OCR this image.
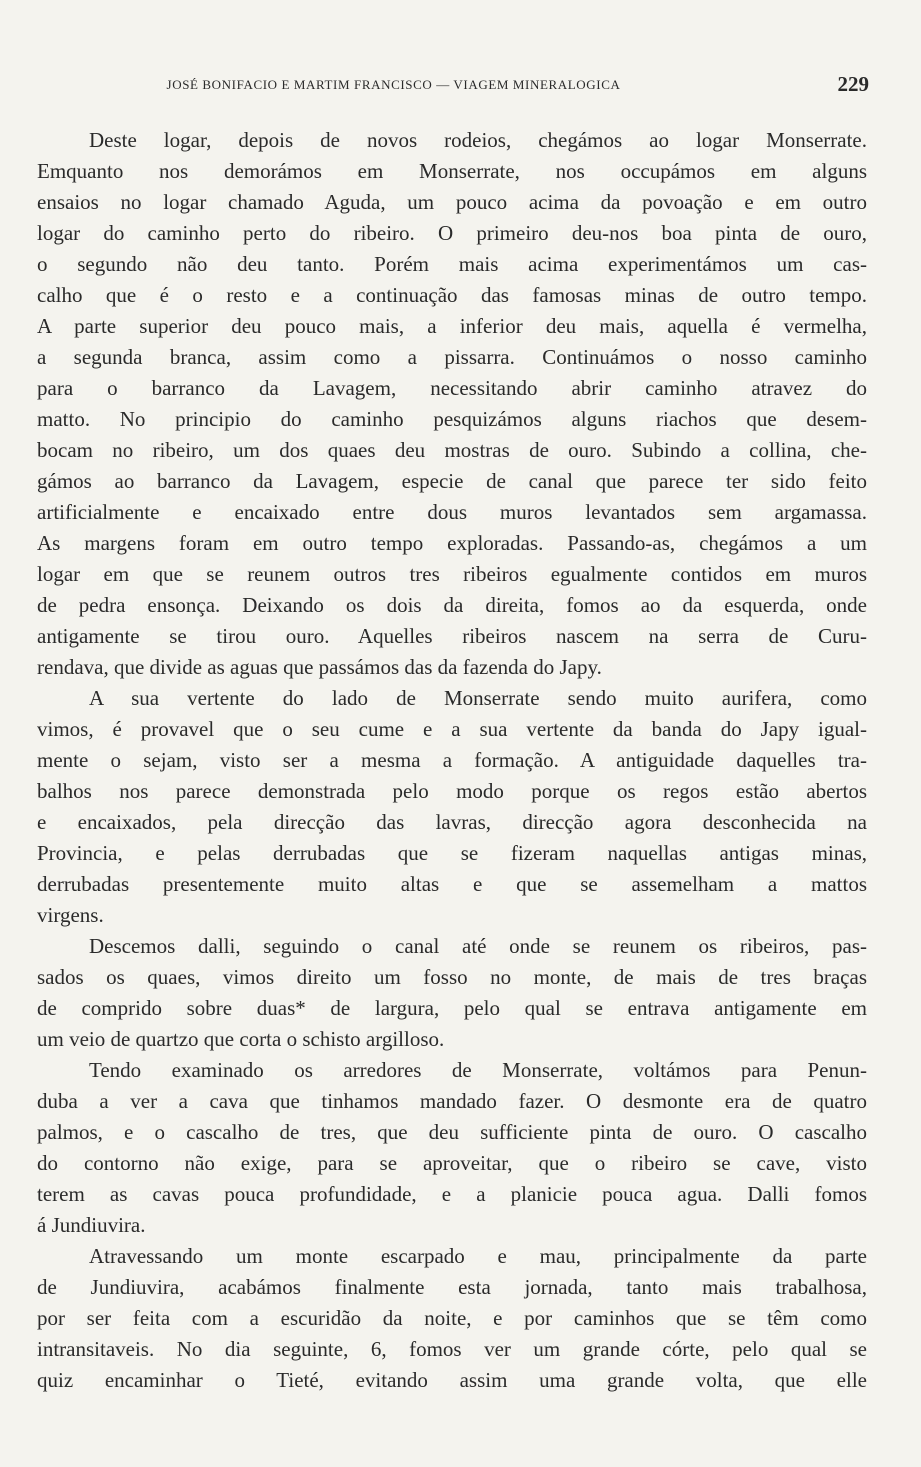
JOSÉ BONIFACIO E MARTIM FRANCISCO — VIAGEM MINERALOGICA	229
Deste logar, depois de novos rodeios, chegámos ao logar Monserrate.
Emquanto nos demorámos em Monserrate, nos occupámos em alguns
ensaios no logar chamado Aguda, um pouco acima da povoação e em outro
logar do caminho perto do ribeiro. O primeiro deu-nos boa pinta de ouro,
o segundo não deu tanto. Porém mais acima experimentámos um cas-
calho que é o resto e a continuação das famosas minas de outro tempo.
A parte superior deu pouco mais, a inferior deu mais, aquella é vermelha,
a segunda branca, assim como a pissarra. Continuámos o nosso caminho
para o barranco da Lavagem, necessitando abrir caminho atravez do
matto. No principio do caminho pesquizámos alguns riachos que desem-
bocam no ribeiro, um dos quaes deu mostras de ouro. Subindo a collina, che-
gámos ao barranco da Lavagem, especie de canal que parece ter sido feito
artificialmente e encaixado entre dous muros levantados sem argamassa.
As margens foram em outro tempo exploradas. Passando-as, chegámos a um
logar em que se reunem outros tres ribeiros egualmente contidos em muros
de pedra ensonça. Deixando os dois da direita, fomos ao da esquerda, onde
antigamente se tirou ouro. Aquelles ribeiros nascem na serra de Curu-
rendava, que divide as aguas que passámos das da fazenda do Japy.
A sua vertente do lado de Monserrate sendo muito aurifera, como
vimos, é provavel que o seu cume e a sua vertente da banda do Japy igual-
mente o sejam, visto ser a mesma a formação. A antiguidade daquelles tra-
balhos nos parece demonstrada pelo modo porque os regos estão abertos
e encaixados, pela direcção das lavras, direcção agora desconhecida na
Provincia, e pelas derrubadas que se fizeram naquellas antigas minas,
derrubadas presentemente muito altas e que se assemelham a mattos
virgens.
Descemos dalli, seguindo o canal até onde se reunem os ribeiros, pas-
sados os quaes, vimos direito um fosso no monte, de mais de tres braças
de comprido sobre duas* de largura, pelo qual se entrava antigamente em
um veio de quartzo que corta o schisto argilloso.
Tendo examinado os arredores de Monserrate, voltámos para Penun-
duba a ver a cava que tinhamos mandado fazer. O desmonte era de quatro
palmos, e o cascalho de tres, que deu sufficiente pinta de ouro. O cascalho
do contorno não exige, para se aproveitar, que o ribeiro se cave, visto
terem as cavas pouca profundidade, e a planicie pouca agua. Dalli fomos
á Jundiuvira.
Atravessando um monte escarpado e mau, principalmente da parte
de Jundiuvira, acabámos finalmente esta jornada, tanto mais trabalhosa,
por ser feita com a escuridão da noite, e por caminhos que se têm como
intransitaveis. No dia seguinte, 6, fomos ver um grande córte, pelo qual se
quiz encaminhar o Tieté, evitando assim uma grande volta, que elle
